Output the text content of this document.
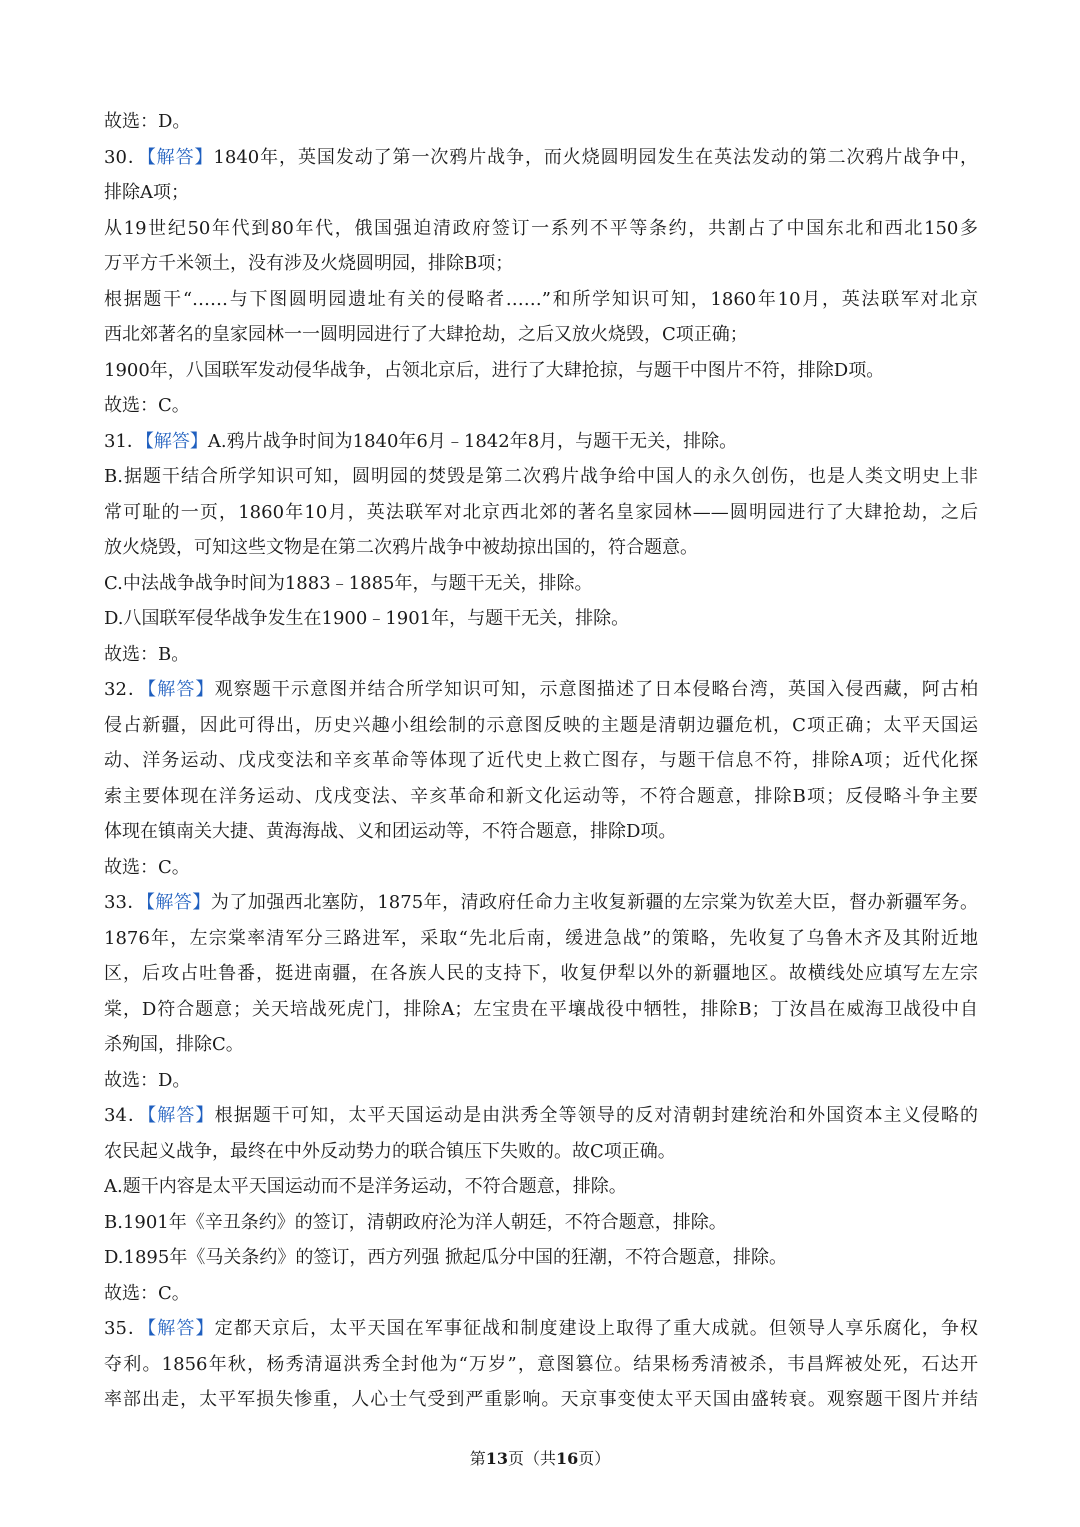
故选：D。
30．【解答】1840年，英国发动了第一次鸦片战争，而火烧圆明园发生在英法发动的第二次鸦片战争中，
排除A项；
从19世纪50年代到80年代，俄国强迫清政府签订一系列不平等条约，共割占了中国东北和西北150多
万平方千米领土，没有涉及火烧圆明园，排除B项；
根据题干“……与下图圆明园遗址有关的侵略者……”和所学知识可知，1860年10月，英法联军对北京
西北郊著名的皇家园林一一圆明园进行了大肆抢劫，之后又放火烧毁，C项正确；
1900年，八国联军发动侵华战争，占领北京后，进行了大肆抢掠，与题干中图片不符，排除D项。
故选：C。
31．【解答】A.鸦片战争时间为1840年6月﹣1842年8月，与题干无关，排除。
B.据题干结合所学知识可知，圆明园的焚毁是第二次鸦片战争给中国人的永久创伤，也是人类文明史上非
常可耻的一页，1860年10月，英法联军对北京西北郊的著名皇家园林——圆明园进行了大肆抢劫，之后
放火烧毁，可知这些文物是在第二次鸦片战争中被劫掠出国的，符合题意。
C.中法战争战争时间为1883﹣1885年，与题干无关，排除。
D.八国联军侵华战争发生在1900﹣1901年，与题干无关，排除。
故选：B。
32．【解答】观察题干示意图并结合所学知识可知，示意图描述了日本侵略台湾，英国入侵西藏，阿古柏
侵占新疆，因此可得出，历史兴趣小组绘制的示意图反映的主题是清朝边疆危机，C项正确；太平天国运
动、洋务运动、戊戌变法和辛亥革命等体现了近代史上救亡图存，与题干信息不符，排除A项；近代化探
索主要体现在洋务运动、戊戌变法、辛亥革命和新文化运动等，不符合题意，排除B项；反侵略斗争主要
体现在镇南关大捷、黄海海战、义和团运动等，不符合题意，排除D项。
故选：C。
33．【解答】为了加强西北塞防，1875年，清政府任命力主收复新疆的左宗棠为钦差大臣，督办新疆军务。
1876年，左宗棠率清军分三路进军，采取“先北后南，缓进急战”的策略，先收复了乌鲁木齐及其附近地
区，后攻占吐鲁番，挺进南疆，在各族人民的支持下，收复伊犁以外的新疆地区。故横线处应填写左左宗
棠，D符合题意；关天培战死虎门，排除A；左宝贵在平壤战役中牺牲，排除B；丁汝昌在威海卫战役中自
杀殉国，排除C。
故选：D。
34．【解答】根据题干可知，太平天国运动是由洪秀全等领导的反对清朝封建统治和外国资本主义侵略的
农民起义战争，最终在中外反动势力的联合镇压下失败的。故C项正确。
A.题干内容是太平天国运动而不是洋务运动，不符合题意，排除。
B.1901年《辛丑条约》的签订，清朝政府沦为洋人朝廷，不符合题意，排除。
D.1895年《马关条约》的签订，西方列强 掀起瓜分中国的狂潮，不符合题意，排除。
故选：C。
35．【解答】定都天京后，太平天国在军事征战和制度建设上取得了重大成就。但领导人享乐腐化，争权
夺利。1856年秋，杨秀清逼洪秀全封他为“万岁”，意图篡位。结果杨秀清被杀，韦昌辉被处死，石达开
率部出走，太平军损失惨重，人心士气受到严重影响。天京事变使太平天国由盛转衰。观察题干图片并结
第13页（共16页）
